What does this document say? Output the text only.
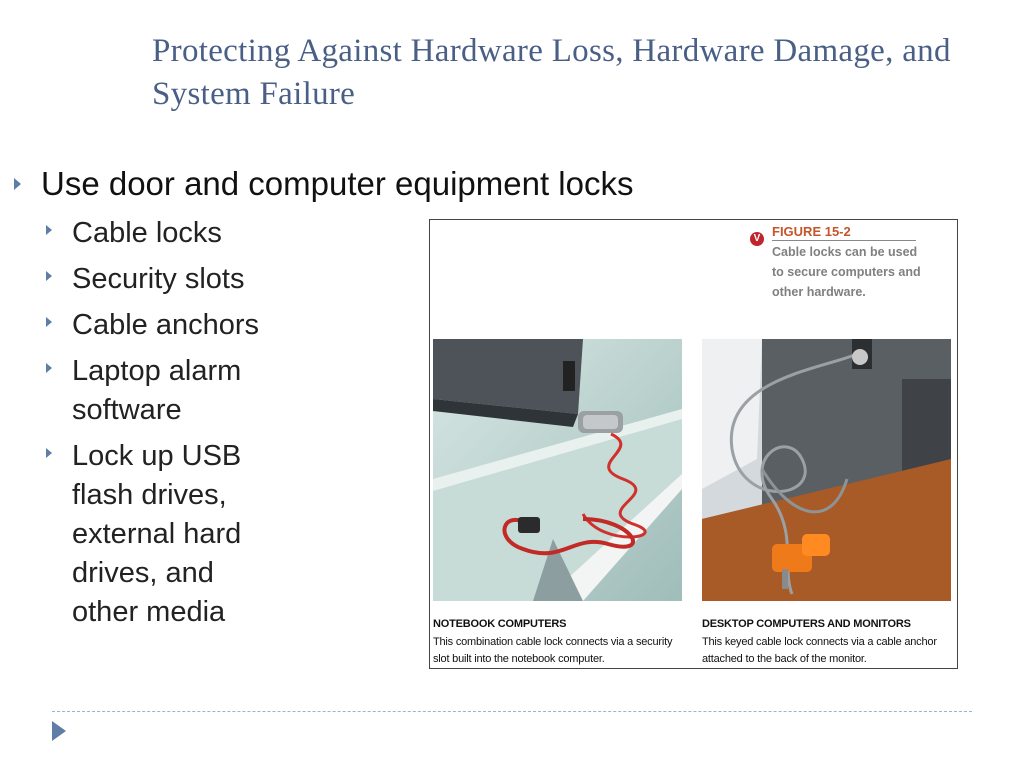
Protecting Against Hardware Loss, Hardware Damage, and System Failure
Use door and computer equipment locks
Cable locks
Security slots
Cable anchors
Laptop alarm software
Lock up USB flash drives, external hard drives, and other media
V FIGURE 15-2
Cable locks can be used to secure computers and other hardware.
NOTEBOOK COMPUTERS
This combination cable lock connects via a security slot built into the notebook computer.
DESKTOP COMPUTERS AND MONITORS
This keyed cable lock connects via a cable anchor attached to the back of the monitor.
